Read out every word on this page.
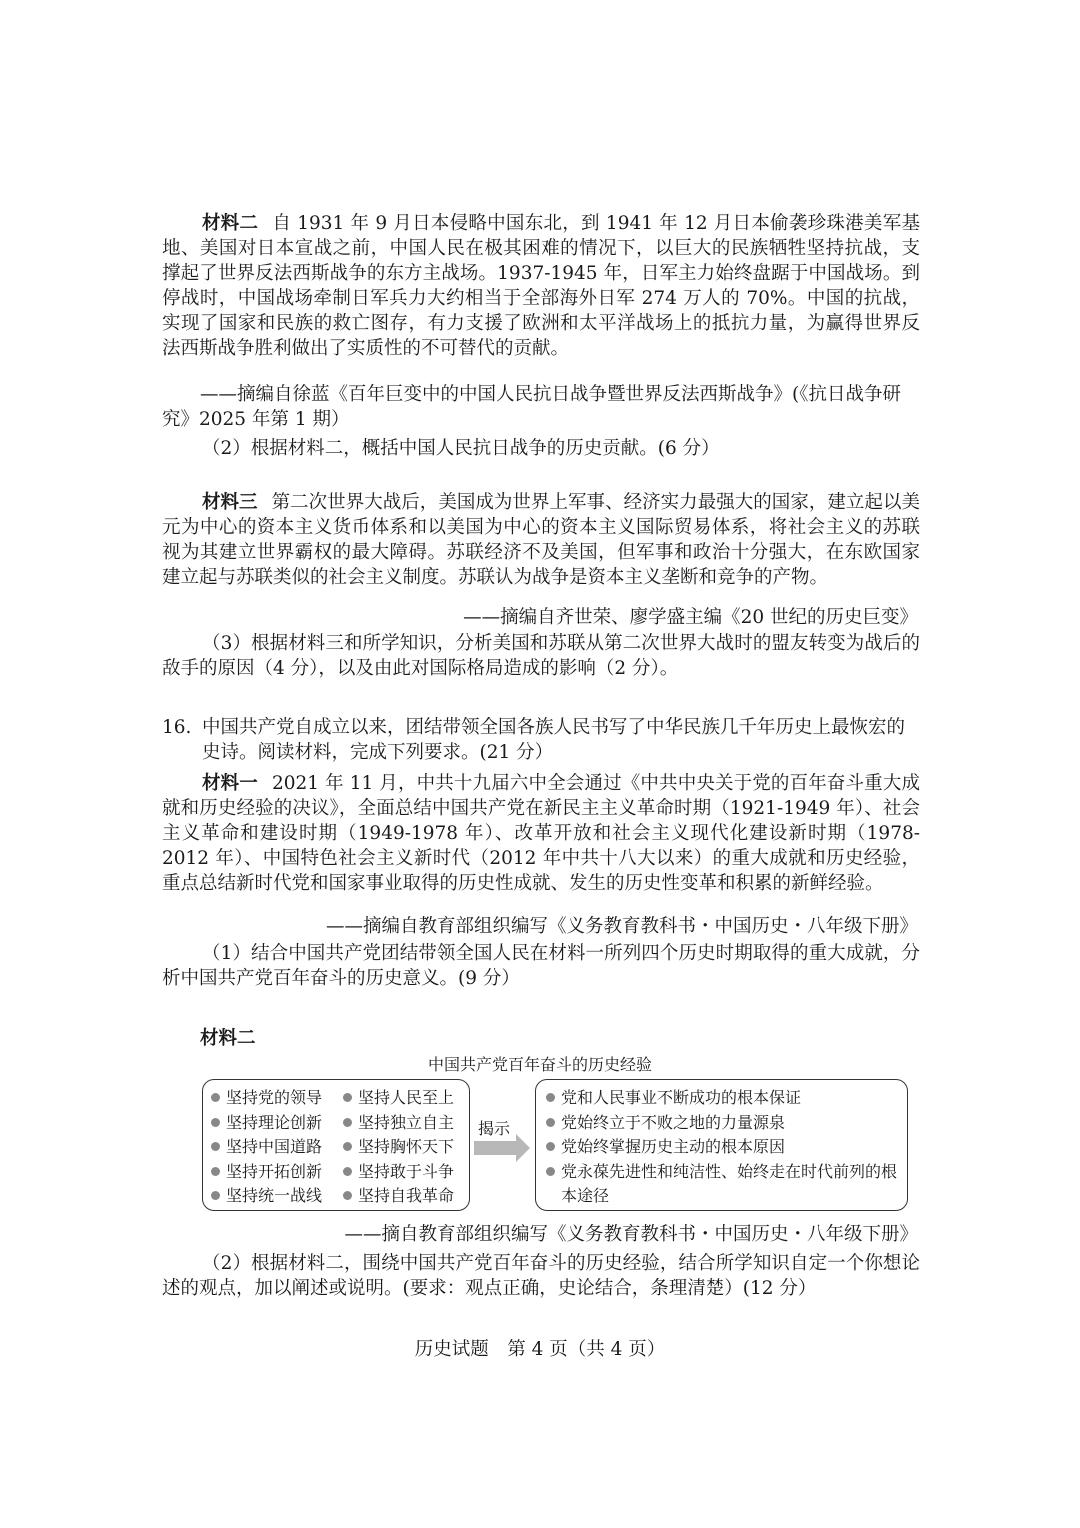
材料二 自 1931 年 9 月日本侵略中国东北，到 1941 年 12 月日本偷袭珍珠港美军基地、美国对日本宣战之前，中国人民在极其困难的情况下，以巨大的民族牺牲坚持抗战，支撑起了世界反法西斯战争的东方主战场。1937-1945 年，日军主力始终盘踞于中国战场。到停战时，中国战场牵制日军兵力大约相当于全部海外日军 274 万人的 70%。中国的抗战，实现了国家和民族的救亡图存，有力支援了欧洲和太平洋战场上的抵抗力量，为赢得世界反法西斯战争胜利做出了实质性的不可替代的贡献。

——摘编自徐蓝《百年巨变中的中国人民抗日战争暨世界反法西斯战争》(《抗日战争研

究》2025 年第 1 期）

（2）根据材料二，概括中国人民抗日战争的历史贡献。(6 分）

材料三 第二次世界大战后，美国成为世界上军事、经济实力最强大的国家，建立起以美元为中心的资本主义货币体系和以美国为中心的资本主义国际贸易体系，将社会主义的苏联视为其建立世界霸权的最大障碍。苏联经济不及美国，但军事和政治十分强大，在东欧国家建立起与苏联类似的社会主义制度。苏联认为战争是资本主义垄断和竞争的产物。

——摘编自齐世荣、廖学盛主编《20 世纪的历史巨变》

（3）根据材料三和所学知识，分析美国和苏联从第二次世界大战时的盟友转变为战后的敌手的原因（4 分），以及由此对国际格局造成的影响（2 分）。

16. 中国共产党自成立以来，团结带领全国各族人民书写了中华民族几千年历史上最恢宏的史诗。阅读材料，完成下列要求。(21 分）

材料一 2021 年 11 月，中共十九届六中全会通过《中共中央关于党的百年奋斗重大成就和历史经验的决议》，全面总结中国共产党在新民主主义革命时期（1921-1949 年）、社会主义革命和建设时期（1949-1978 年）、改革开放和社会主义现代化建设新时期（1978-2012 年）、中国特色社会主义新时代（2012 年中共十八大以来）的重大成就和历史经验，重点总结新时代党和国家事业取得的历史性成就、发生的历史性变革和积累的新鲜经验。

——摘编自教育部组织编写《义务教育教科书・中国历史・八年级下册》

（1）结合中国共产党团结带领全国人民在材料一所列四个历史时期取得的重大成就，分析中国共产党百年奋斗的历史意义。(9 分）

材料二

中国共产党百年奋斗的历史经验

坚持党的领导
坚持理论创新
坚持中国道路
坚持开拓创新
坚持统一战线
坚持人民至上
坚持独立自主
坚持胸怀天下
坚持敢于斗争
坚持自我革命
揭示
党和人民事业不断成功的根本保证
党始终立于不败之地的力量源泉
党始终掌握历史主动的根本原因
党永葆先进性和纯洁性、始终走在时代前列的根本途径

——摘自教育部组织编写《义务教育教科书・中国历史・八年级下册》

（2）根据材料二，围绕中国共产党百年奋斗的历史经验，结合所学知识自定一个你想论述的观点，加以阐述或说明。(要求：观点正确，史论结合，条理清楚）(12 分）

历史试题　第 4 页（共 4 页）
